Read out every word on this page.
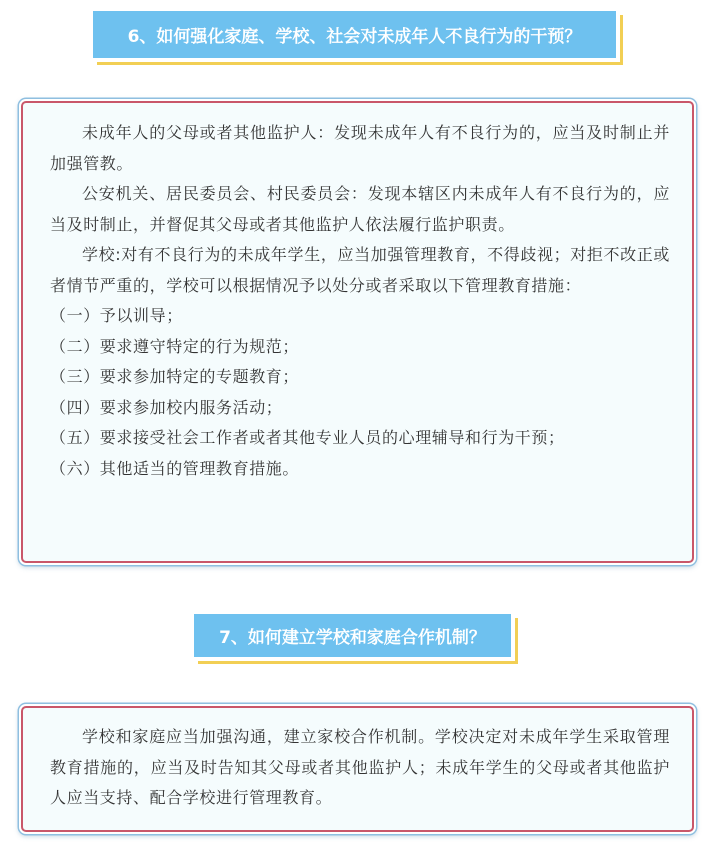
6、如何强化家庭、学校、社会对未成年人不良行为的干预？

未成年人的父母或者其他监护人：发现未成年人有不良行为的，应当及时制止并加强管教。

公安机关、居民委员会、村民委员会：发现本辖区内未成年人有不良行为的，应当及时制止，并督促其父母或者其他监护人依法履行监护职责。

学校:对有不良行为的未成年学生，应当加强管理教育，不得歧视；对拒不改正或者情节严重的，学校可以根据情况予以处分或者采取以下管理教育措施：

（一）予以训导；

（二）要求遵守特定的行为规范；

（三）要求参加特定的专题教育；

（四）要求参加校内服务活动；

（五）要求接受社会工作者或者其他专业人员的心理辅导和行为干预；

（六）其他适当的管理教育措施。

7、如何建立学校和家庭合作机制？

学校和家庭应当加强沟通，建立家校合作机制。学校决定对未成年学生采取管理教育措施的，应当及时告知其父母或者其他监护人；未成年学生的父母或者其他监护人应当支持、配合学校进行管理教育。
